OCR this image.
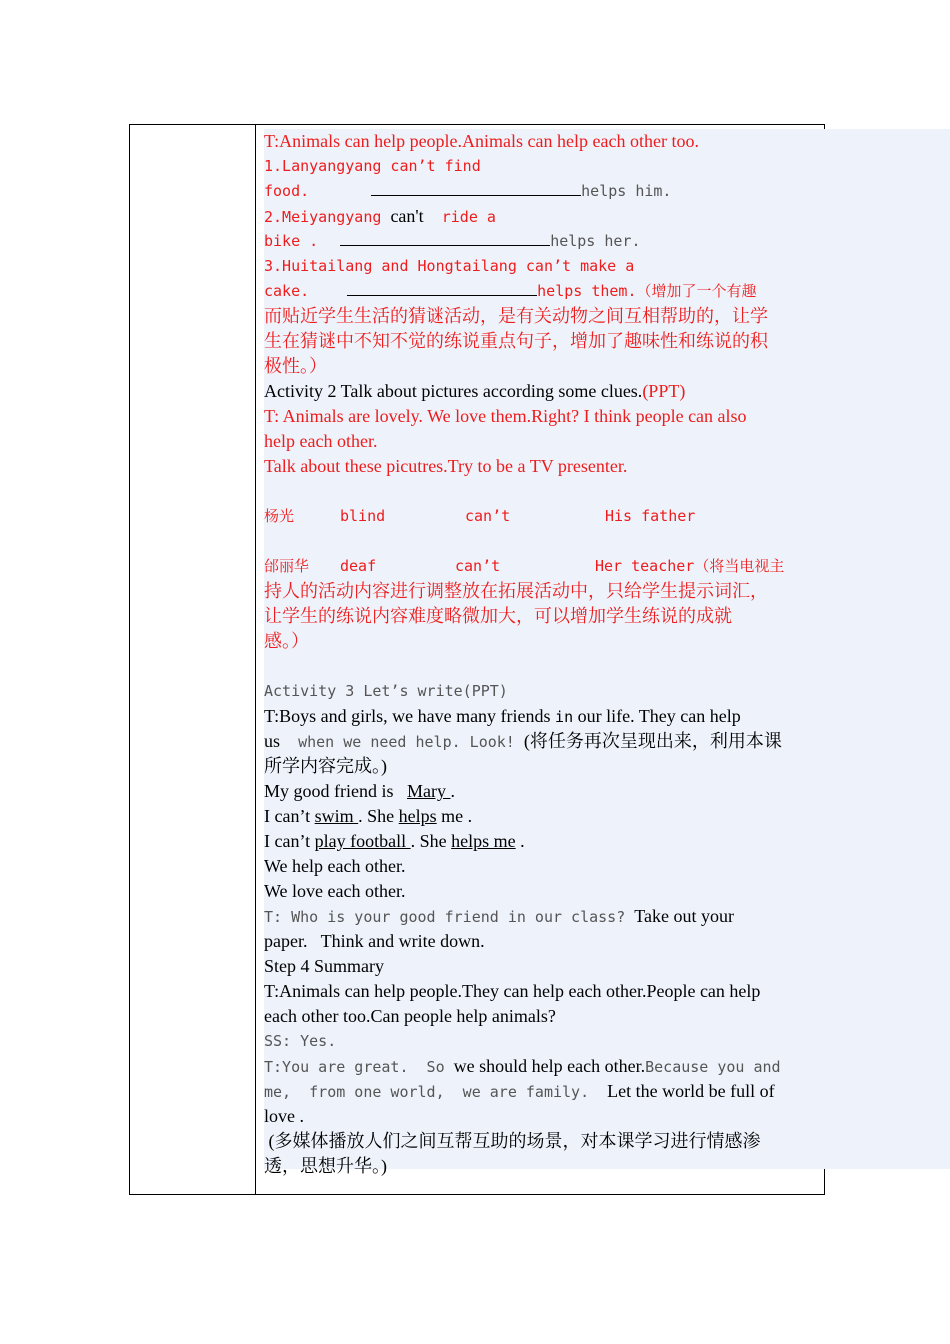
T:Animals can help people.Animals can help each other too.
1.Lanyangyang can’t find
food.	helps him.
2.Meiyangyang can't  ride a
bike .	helps her.
3.Huitailang and Hongtailang can’t make a
cake.	helps them.（增加了一个有趣
而贴近学生生活的猜谜活动，是有关动物之间互相帮助的，让学
生在猜谜中不知不觉的练说重点句子，增加了趣味性和练说的积
极性。）
Activity 2 Talk about pictures according some clues.(PPT)
T: Animals are lovely. We love them.Right? I think people can also
help each other.
Talk about these picutres.Try to be a TV presenter.
杨光	blind	can’t	His father
邰丽华 deaf	can’t	Her teacher（将当电视主
持人的活动内容进行调整放在拓展活动中，只给学生提示词汇，
让学生的练说内容难度略微加大，可以增加学生练说的成就
感。）
Activity 3 Let’s write(PPT)
T:Boys and girls, we have many friends in our life. They can help
us  when we need help. Look! (将任务再次呈现出来，利用本课
所学内容完成。)
My good friend is   Mary .
I can’t swim . She helps me .
I can’t play football . She helps me .
We help each other.
We love each other.
T: Who is your good friend in our class? Take out your
paper.   Think and write down.
Step 4 Summary
T:Animals can help people.They can help each other.People can help
each other too.Can people help animals?
SS: Yes.
T:You are great.  So we should help each other.Because you and
me,  from one world,  we are family.    Let the world be full of
love .
(多媒体播放人们之间互帮互助的场景，对本课学习进行情感渗
透，思想升华。)
